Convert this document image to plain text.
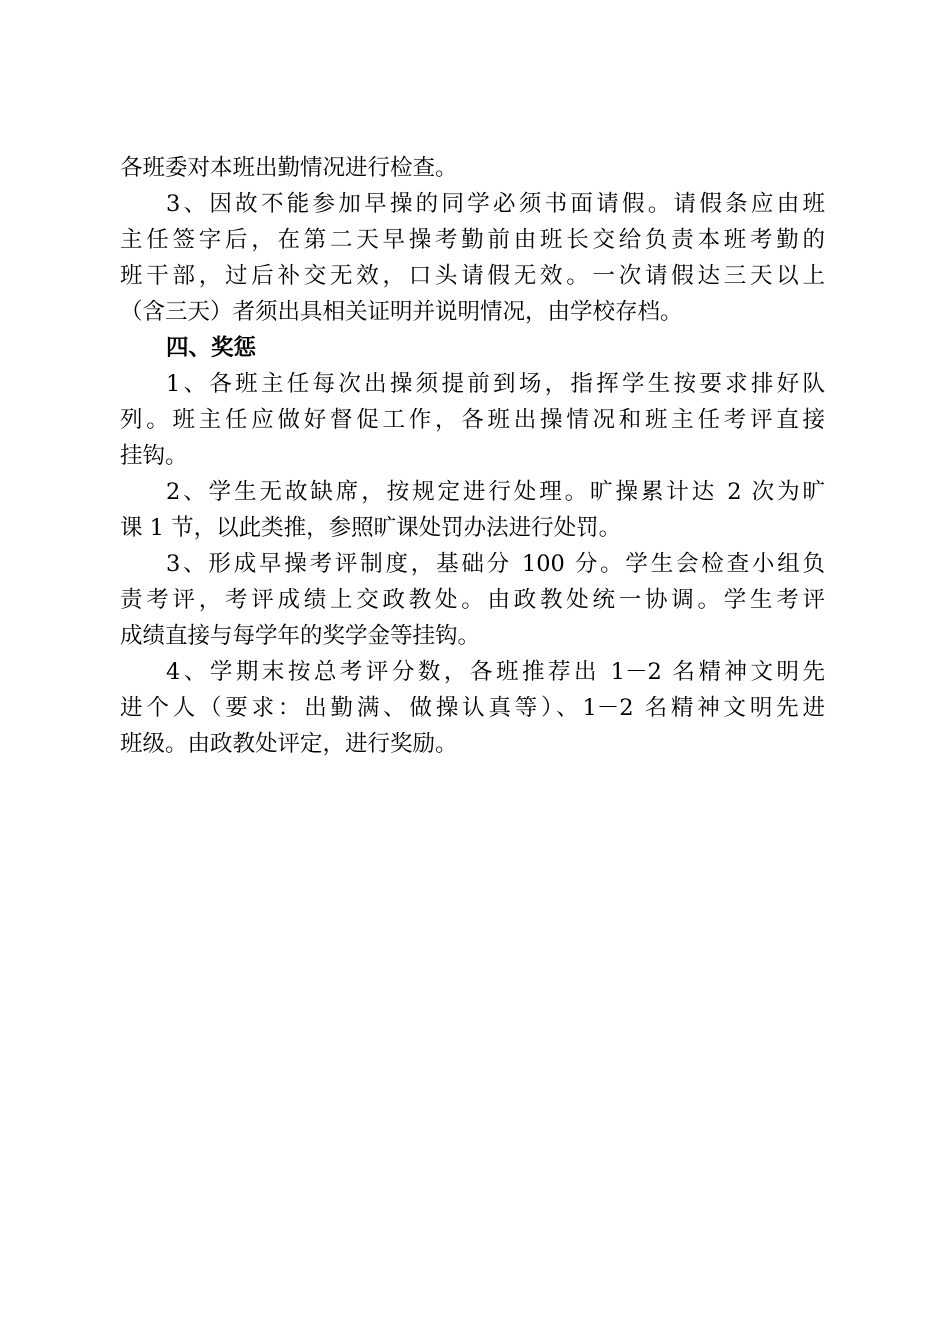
各班委对本班出勤情况进行检查。
3、因故不能参加早操的同学必须书面请假。请假条应由班
主任签字后，在第二天早操考勤前由班长交给负责本班考勤的
班干部，过后补交无效，口头请假无效。一次请假达三天以上
（含三天）者须出具相关证明并说明情况，由学校存档。
四、奖惩
1、各班主任每次出操须提前到场，指挥学生按要求排好队
列。班主任应做好督促工作，各班出操情况和班主任考评直接
挂钩。
2、学生无故缺席，按规定进行处理。旷操累计达 2 次为旷
课 1 节，以此类推，参照旷课处罚办法进行处罚。
3、形成早操考评制度，基础分 100 分。学生会检查小组负
责考评，考评成绩上交政教处。由政教处统一协调。学生考评
成绩直接与每学年的奖学金等挂钩。
4、学期末按总考评分数，各班推荐出 1－2 名精神文明先
进个人（要求：出勤满、做操认真等）、1－2 名精神文明先进
班级。由政教处评定，进行奖励。
